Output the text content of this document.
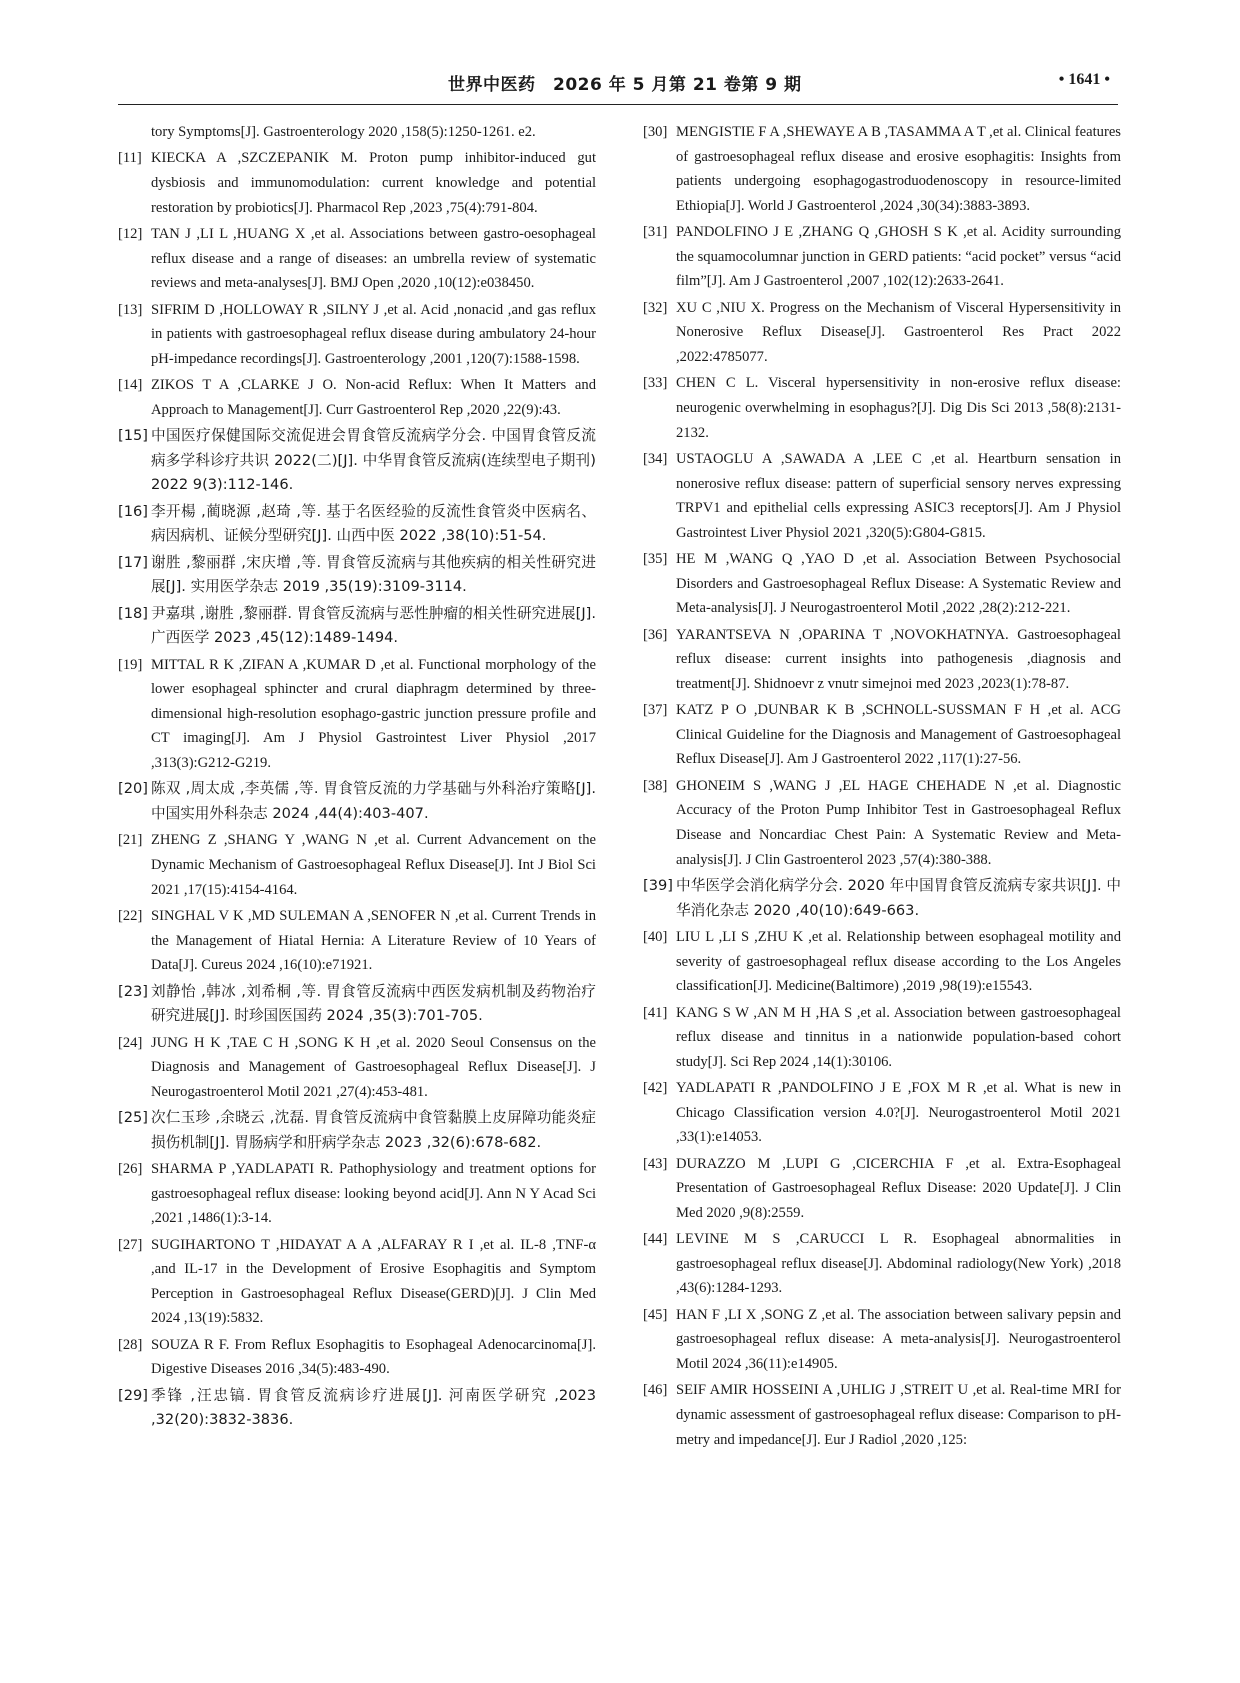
世界中医药　2026 年 5 月第 21 卷第 9 期	• 1641 •
tory Symptoms[J]. Gastroenterology 2020 ,158(5):1250-1261. e2.
[11] KIECKA A ,SZCZEPANIK M. Proton pump inhibitor-induced gut dysbiosis and immunomodulation: current knowledge and potential restoration by probiotics[J]. Pharmacol Rep ,2023 ,75(4):791-804.
[12] TAN J ,LI L ,HUANG X ,et al. Associations between gastro-oesophageal reflux disease and a range of diseases: an umbrella review of systematic reviews and meta-analyses[J]. BMJ Open ,2020 ,10(12):e038450.
[13] SIFRIM D ,HOLLOWAY R ,SILNY J ,et al. Acid ,nonacid ,and gas reflux in patients with gastroesophageal reflux disease during ambulatory 24-hour pH-impedance recordings[J]. Gastroenterology ,2001 ,120(7):1588-1598.
[14] ZIKOS T A ,CLARKE J O. Non-acid Reflux: When It Matters and Approach to Management[J]. Curr Gastroenterol Rep ,2020 ,22(9):43.
[15] 中国医疗保健国际交流促进会胃食管反流病学分会. 中国胃食管反流病多学科诊疗共识 2022(二)[J]. 中华胃食管反流病(连续型电子期刊) 2022 9(3):112-146.
[16] 李开楊 ,蔺晓源 ,赵琦 ,等. 基于名医经验的反流性食管炎中医病名、病因病机、证候分型研究[J]. 山西中医 2022 ,38(10):51-54.
[17] 谢胜 ,黎丽群 ,宋庆增 ,等. 胃食管反流病与其他疾病的相关性研究进展[J]. 实用医学杂志 2019 ,35(19):3109-3114.
[18] 尹嘉琪 ,谢胜 ,黎丽群. 胃食管反流病与恶性肿瘤的相关性研究进展[J]. 广西医学 2023 ,45(12):1489-1494.
[19] MITTAL R K ,ZIFAN A ,KUMAR D ,et al. Functional morphology of the lower esophageal sphincter and crural diaphragm determined by three-dimensional high-resolution esophago-gastric junction pressure profile and CT imaging[J]. Am J Physiol Gastrointest Liver Physiol ,2017 ,313(3):G212-G219.
[20] 陈双 ,周太成 ,李英儒 ,等. 胃食管反流的力学基础与外科治疗策略[J]. 中国实用外科杂志 2024 ,44(4):403-407.
[21] ZHENG Z ,SHANG Y ,WANG N ,et al. Current Advancement on the Dynamic Mechanism of Gastroesophageal Reflux Disease[J]. Int J Biol Sci 2021 ,17(15):4154-4164.
[22] SINGHAL V K ,MD SULEMAN A ,SENOFER N ,et al. Current Trends in the Management of Hiatal Hernia: A Literature Review of 10 Years of Data[J]. Cureus 2024 ,16(10):e71921.
[23] 刘静怡 ,韩冰 ,刘希桐 ,等. 胃食管反流病中西医发病机制及药物治疗研究进展[J]. 时珍国医国药 2024 ,35(3):701-705.
[24] JUNG H K ,TAE C H ,SONG K H ,et al. 2020 Seoul Consensus on the Diagnosis and Management of Gastroesophageal Reflux Disease[J]. J Neurogastroenterol Motil 2021 ,27(4):453-481.
[25] 次仁玉珍 ,余晓云 ,沈磊. 胃食管反流病中食管黏膜上皮屏障功能炎症损伤机制[J]. 胃肠病学和肝病学杂志 2023 ,32(6):678-682.
[26] SHARMA P ,YADLAPATI R. Pathophysiology and treatment options for gastroesophageal reflux disease: looking beyond acid[J]. Ann N Y Acad Sci ,2021 ,1486(1):3-14.
[27] SUGIHARTONO T ,HIDAYAT A A ,ALFARAY R I ,et al. IL-8 ,TNF-α ,and IL-17 in the Development of Erosive Esophagitis and Symptom Perception in Gastroesophageal Reflux Disease(GERD)[J]. J Clin Med 2024 ,13(19):5832.
[28] SOUZA R F. From Reflux Esophagitis to Esophageal Adenocarcinoma[J]. Digestive Diseases 2016 ,34(5):483-490.
[29] 季锋 ,汪忠镐. 胃食管反流病诊疗进展[J]. 河南医学研究 ,2023 ,32(20):3832-3836.
[30] MENGISTIE F A ,SHEWAYE A B ,TASAMMA A T ,et al. Clinical features of gastroesophageal reflux disease and erosive esophagitis: Insights from patients undergoing esophagogastroduodenoscopy in resource-limited Ethiopia[J]. World J Gastroenterol ,2024 ,30(34):3883-3893.
[31] PANDOLFINO J E ,ZHANG Q ,GHOSH S K ,et al. Acidity surrounding the squamocolumnar junction in GERD patients: “acid pocket” versus “acid film”[J]. Am J Gastroenterol ,2007 ,102(12):2633-2641.
[32] XU C ,NIU X. Progress on the Mechanism of Visceral Hypersensitivity in Nonerosive Reflux Disease[J]. Gastroenterol Res Pract 2022 ,2022:4785077.
[33] CHEN C L. Visceral hypersensitivity in non-erosive reflux disease: neurogenic overwhelming in esophagus?[J]. Dig Dis Sci 2013 ,58(8):2131-2132.
[34] USTAOGLU A ,SAWADA A ,LEE C ,et al. Heartburn sensation in nonerosive reflux disease: pattern of superficial sensory nerves expressing TRPV1 and epithelial cells expressing ASIC3 receptors[J]. Am J Physiol Gastrointest Liver Physiol 2021 ,320(5):G804-G815.
[35] HE M ,WANG Q ,YAO D ,et al. Association Between Psychosocial Disorders and Gastroesophageal Reflux Disease: A Systematic Review and Meta-analysis[J]. J Neurogastroenterol Motil ,2022 ,28(2):212-221.
[36] YARANTSEVA N ,OPARINA T ,NOVOKHATNYA. Gastroesophageal reflux disease: current insights into pathogenesis ,diagnosis and treatment[J]. Shidnoevr z vnutr simejnoi med 2023 ,2023(1):78-87.
[37] KATZ P O ,DUNBAR K B ,SCHNOLL-SUSSMAN F H ,et al. ACG Clinical Guideline for the Diagnosis and Management of Gastroesophageal Reflux Disease[J]. Am J Gastroenterol 2022 ,117(1):27-56.
[38] GHONEIM S ,WANG J ,EL HAGE CHEHADE N ,et al. Diagnostic Accuracy of the Proton Pump Inhibitor Test in Gastroesophageal Reflux Disease and Noncardiac Chest Pain: A Systematic Review and Meta-analysis[J]. J Clin Gastroenterol 2023 ,57(4):380-388.
[39] 中华医学会消化病学分会. 2020 年中国胃食管反流病专家共识[J]. 中华消化杂志 2020 ,40(10):649-663.
[40] LIU L ,LI S ,ZHU K ,et al. Relationship between esophageal motility and severity of gastroesophageal reflux disease according to the Los Angeles classification[J]. Medicine(Baltimore) ,2019 ,98(19):e15543.
[41] KANG S W ,AN M H ,HA S ,et al. Association between gastroesophageal reflux disease and tinnitus in a nationwide population-based cohort study[J]. Sci Rep 2024 ,14(1):30106.
[42] YADLAPATI R ,PANDOLFINO J E ,FOX M R ,et al. What is new in Chicago Classification version 4.0?[J]. Neurogastroenterol Motil 2021 ,33(1):e14053.
[43] DURAZZO M ,LUPI G ,CICERCHIA F ,et al. Extra-Esophageal Presentation of Gastroesophageal Reflux Disease: 2020 Update[J]. J Clin Med 2020 ,9(8):2559.
[44] LEVINE M S ,CARUCCI L R. Esophageal abnormalities in gastroesophageal reflux disease[J]. Abdominal radiology(New York) ,2018 ,43(6):1284-1293.
[45] HAN F ,LI X ,SONG Z ,et al. The association between salivary pepsin and gastroesophageal reflux disease: A meta-analysis[J]. Neurogastroenterol Motil 2024 ,36(11):e14905.
[46] SEIF AMIR HOSSEINI A ,UHLIG J ,STREIT U ,et al. Real-time MRI for dynamic assessment of gastroesophageal reflux disease: Comparison to pH-metry and impedance[J]. Eur J Radiol ,2020 ,125:
